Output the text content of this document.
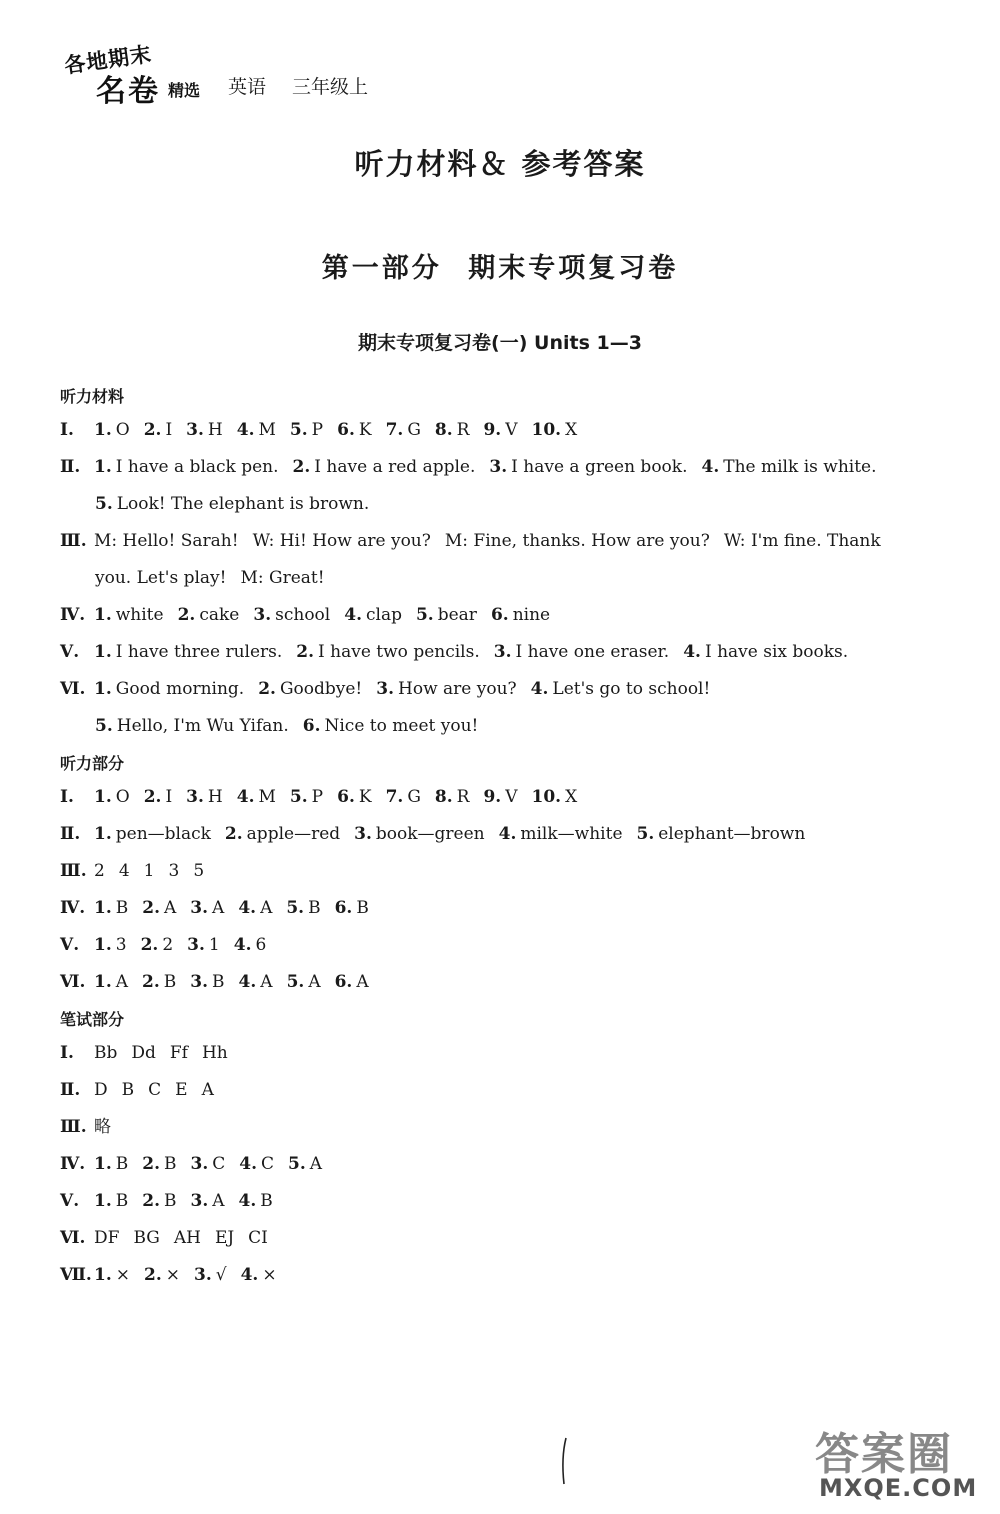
各地期末
名卷 精选 英语 三年级上
听力材料＆ 参考答案
第一部分 期末专项复习卷
期末专项复习卷(一) Units 1—3
听力材料
Ⅰ. 1. O 2. I 3. H 4. M 5. P 6. K 7. G 8. R 9. V 10. X
Ⅱ. 1. I have a black pen. 2. I have a red apple. 3. I have a green book. 4. The milk is white.
5. Look! The elephant is brown.
Ⅲ. M: Hello! Sarah! W: Hi! How are you? M: Fine, thanks. How are you? W: I'm fine. Thank
you. Let's play! M: Great!
Ⅳ. 1. white 2. cake 3. school 4. clap 5. bear 6. nine
Ⅴ. 1. I have three rulers. 2. I have two pencils. 3. I have one eraser. 4. I have six books.
Ⅵ. 1. Good morning. 2. Goodbye! 3. How are you? 4. Let's go to school!
5. Hello, I'm Wu Yifan. 6. Nice to meet you!
听力部分
Ⅰ. 1. O 2. I 3. H 4. M 5. P 6. K 7. G 8. R 9. V 10. X
Ⅱ. 1. pen—black 2. apple—red 3. book—green 4. milk—white 5. elephant—brown
Ⅲ. 2 4 1 3 5
Ⅳ. 1. B 2. A 3. A 4. A 5. B 6. B
Ⅴ. 1. 3 2. 2 3. 1 4. 6
Ⅵ. 1. A 2. B 3. B 4. A 5. A 6. A
笔试部分
Ⅰ. Bb Dd Ff Hh
Ⅱ. D B C E A
Ⅲ. 略
Ⅳ. 1. B 2. B 3. C 4. C 5. A
Ⅴ. 1. B 2. B 3. A 4. B
Ⅵ. DF BG AH EJ CI
Ⅶ. 1. × 2. × 3. √ 4. ×
答案圈
MXQE.COM
